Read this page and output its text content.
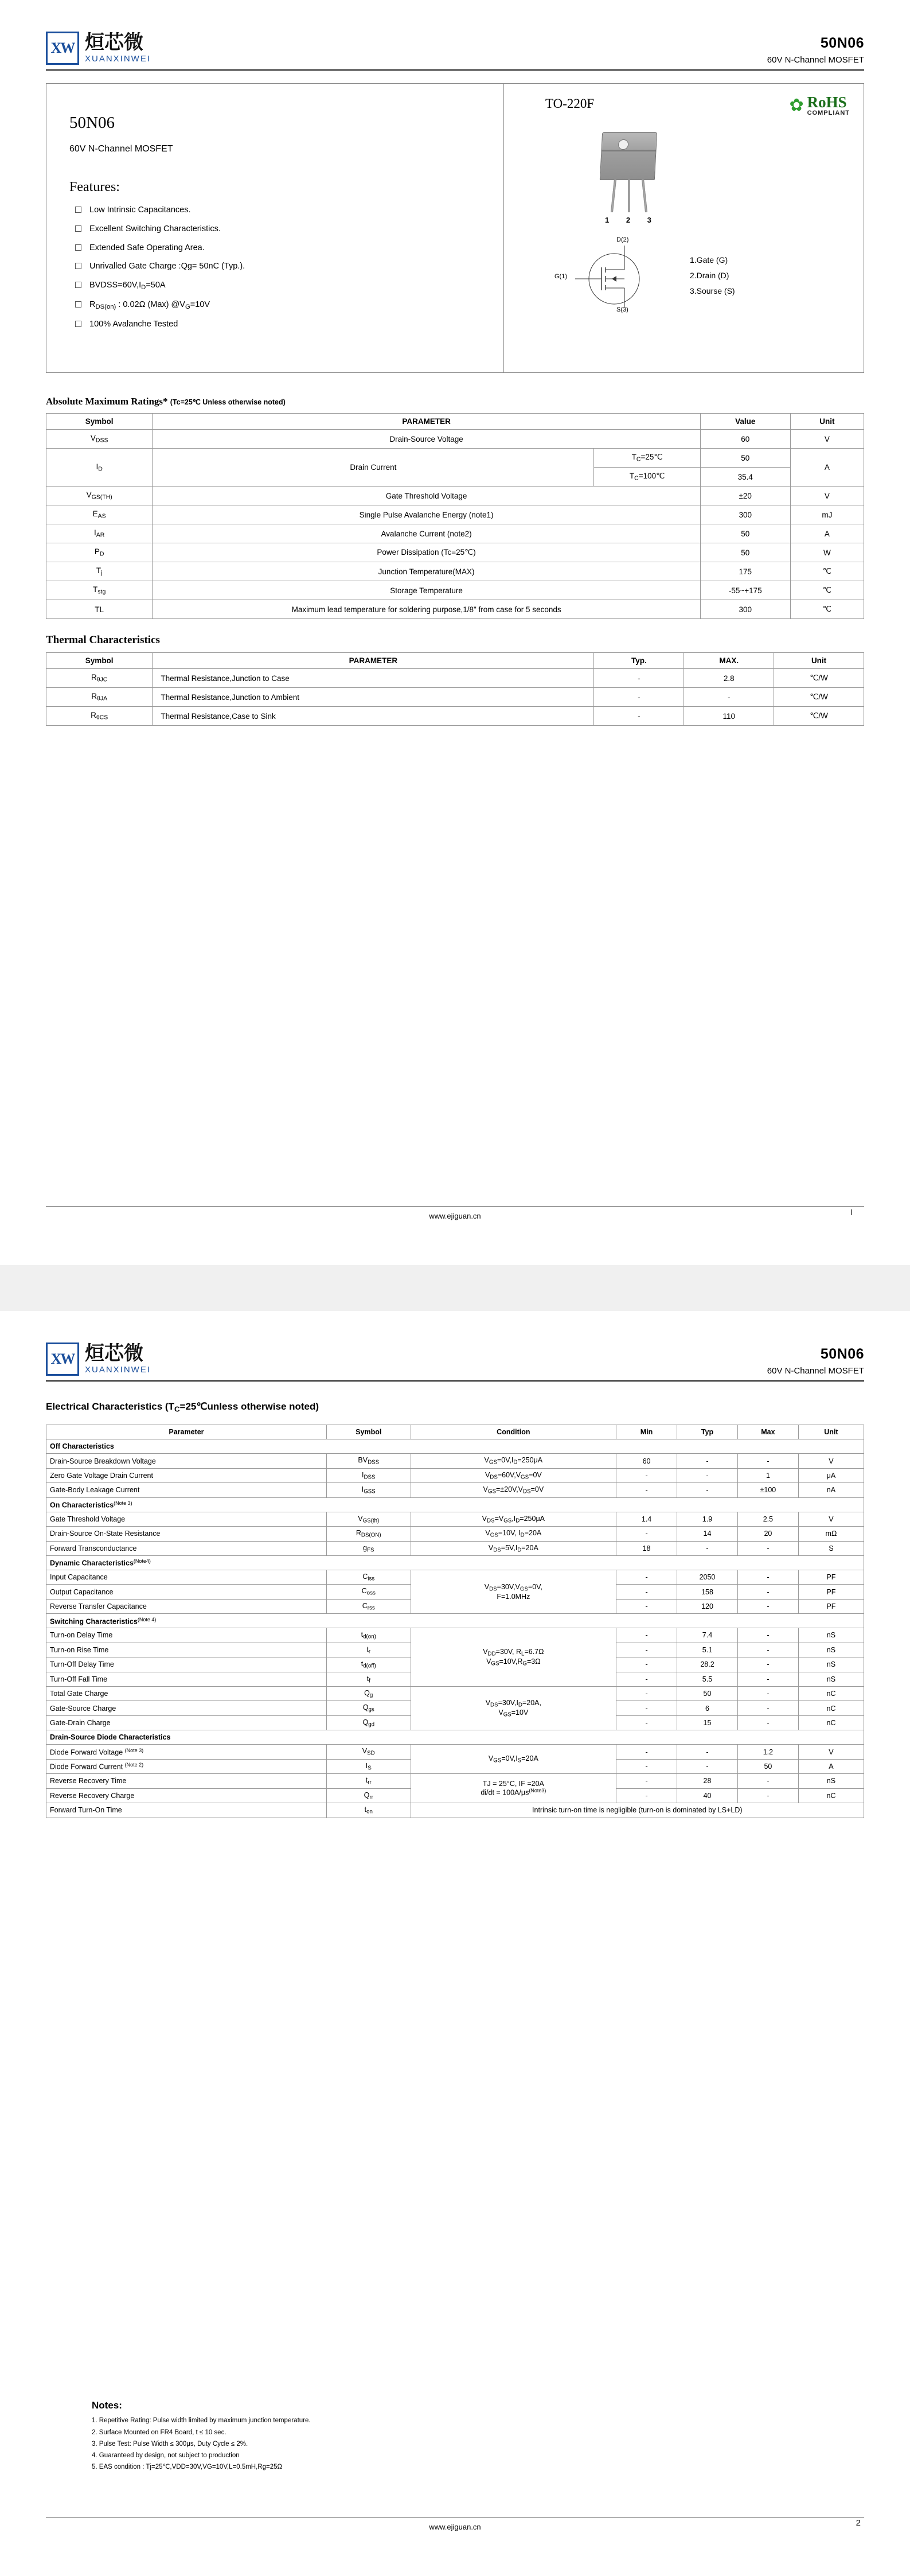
XW 烜芯微
XUANXINWEI
50N06
60V N-Channel MOSFET
50N06
60V N-Channel MOSFET
Features:
Low Intrinsic Capacitances.
Excellent Switching Characteristics.
Extended Safe Operating Area.
Unrivalled Gate Charge :Qg= 50nC (Typ.).
$BVDSS=60V,I_D=50A$
$R_{DS(on)}$ : 0.02Ω (Max) $@V_G=10V$
100% Avalanche Tested
TO-220F	✿ RoHS
COMPLIANT
1 2 3
D(2)
G(1)
S(3)
1.Gate (G)
2.Drain (D)
3.Sourse (S)
Absolute Maximum Ratings* (Tc=25℃ Unless otherwise noted)
Symbol	PARAMETER		Value	Unit
$V_{DSS}$	Drain-Source Voltage		60	V
$I_D$	Drain Current	$T_C=25℃$	50	A
		$T_C=100℃$	35.4	
$V_{GS(TH)}$	Gate Threshold Voltage		±20	V
$E_{AS}$	Single Pulse Avalanche Energy (note1)		300	mJ
$I_{AR}$	Avalanche Current (note2)		50	A
$P_D$	Power Dissipation (Tc=25℃)		50	W
$T_j$	Junction Temperature(MAX)		175	℃
$T_{stg}$	Storage Temperature		-55~+175	℃
TL	Maximum lead temperature for soldering purpose,1/8" from case for 5 seconds		300	℃
Thermal Characteristics
Symbol	PARAMETER	Typ.	MAX.	Unit
$R_{\theta JC}$	Thermal Resistance,Junction to Case	-	2.8	℃/W
$R_{\theta JA}$	Thermal Resistance,Junction to Ambient	-	-	℃/W
$R_{\theta CS}$	Thermal Resistance,Case to Sink	-	110	℃/W
www.ejiguan.cn	l
XW 烜芯微
XUANXINWEI
50N06
60V N-Channel MOSFET
Electrical Characteristics ($T_C=25℃unless$ otherwise noted)
Parameter	Symbol	Condition	Min	Typ	Max	Unit
Off Characteristics						
Drain-Source Breakdown Voltage	$BV_{DSS}$	$V_{GS}=0V,I_D=250\mu A$	60	-	-	V
Zero Gate Voltage Drain Current	$I_{DSS}$	$V_{DS}=60V,V_{GS}=0V$	-	-	1	μA
Gate-Body Leakage Current	$I_{GSS}$	$V_{GS}=\pm 20V,V_{DS}=0V$	-	-	±100	nA
On Characteristics$^{(Note 3)}$
Gate Threshold Voltage	$V_{GS(th)}$	$V_{DS}=V_{GS},I_D=250\mu A$	1.4	1.9	2.5	V
Drain-Source On-State Resistance	$R_{DS(ON)}$	$V_{GS}=10V$, $I_D=20A$	-	14	20	mΩ
Forward Transconductance	$g_{FS}$	$V_{DS}=5V,I_D=20A$	18	-	-	S
Dynamic Characteristics$^{(Note4)}$
Input Capacitance	$C_{iss}$	$V_{DS}=30V,V_{GS}=0V$,
F=1.0MHz	-	2050	-	PF
Output Capacitance	$C_{oss}$		-	158	-	PF
Reverse Transfer Capacitance	$C_{rss}$		-	120	-	PF
Switching Characteristics$^{(Note 4)}$
Turn-on Delay Time	$t_{d(on)}$	$V_{DD}=30V$, $R_L=6.7\Omega$
$V_{GS}=10V,R_G=3\Omega$	-	7.4	-	nS
Turn-on Rise Time	$t_r$		-	5.1	-	nS
Turn-Off Delay Time	$t_{d(off)}$		-	28.2	-	nS
Turn-Off Fall Time	$t_f$		-	5.5	-	nS
Total Gate Charge	$Q_g$	$V_{DS}=30V,I_D=20A$,
$V_{GS}=10V$	-	50	-	nC
Gate-Source Charge	$Q_{gs}$		-	6	-	nC
Gate-Drain Charge	$Q_{gd}$		-	15	-	nC
Drain-Source Diode Characteristics						
Diode Forward Voltage $^{(Note 3)}$	$V_{SD}$	$V_{GS}=0V,I_S=20A$	-	-	1.2	V
Diode Forward Current $^{(Note 2)}$	$I_S$		-	-	50	A
Reverse Recovery Time	$t_{rr}$	TJ = 25°C, IF =20A
di/dt = 100A/μs$^{(Note3)}$	-	28	-	nS
Reverse Recovery Charge	$Q_{rr}$		-	40	-	nC
Forward Turn-On Time	$t_{on}$	Intrinsic turn-on time is negligible (turn-on is dominated by LS+LD)				
Notes:
1. Repetitive Rating: Pulse width limited by maximum junction temperature.
2. Surface Mounted on FR4 Board, t ≤ 10 sec.
3. Pulse Test: Pulse Width ≤ 300μs, Duty Cycle ≤ 2%.
4. Guaranteed by design, not subject to production
5. EAS condition : Tj=25℃,VDD=30V,VG=10V,L=0.5mH,Rg=25Ω
www.ejiguan.cn	2
